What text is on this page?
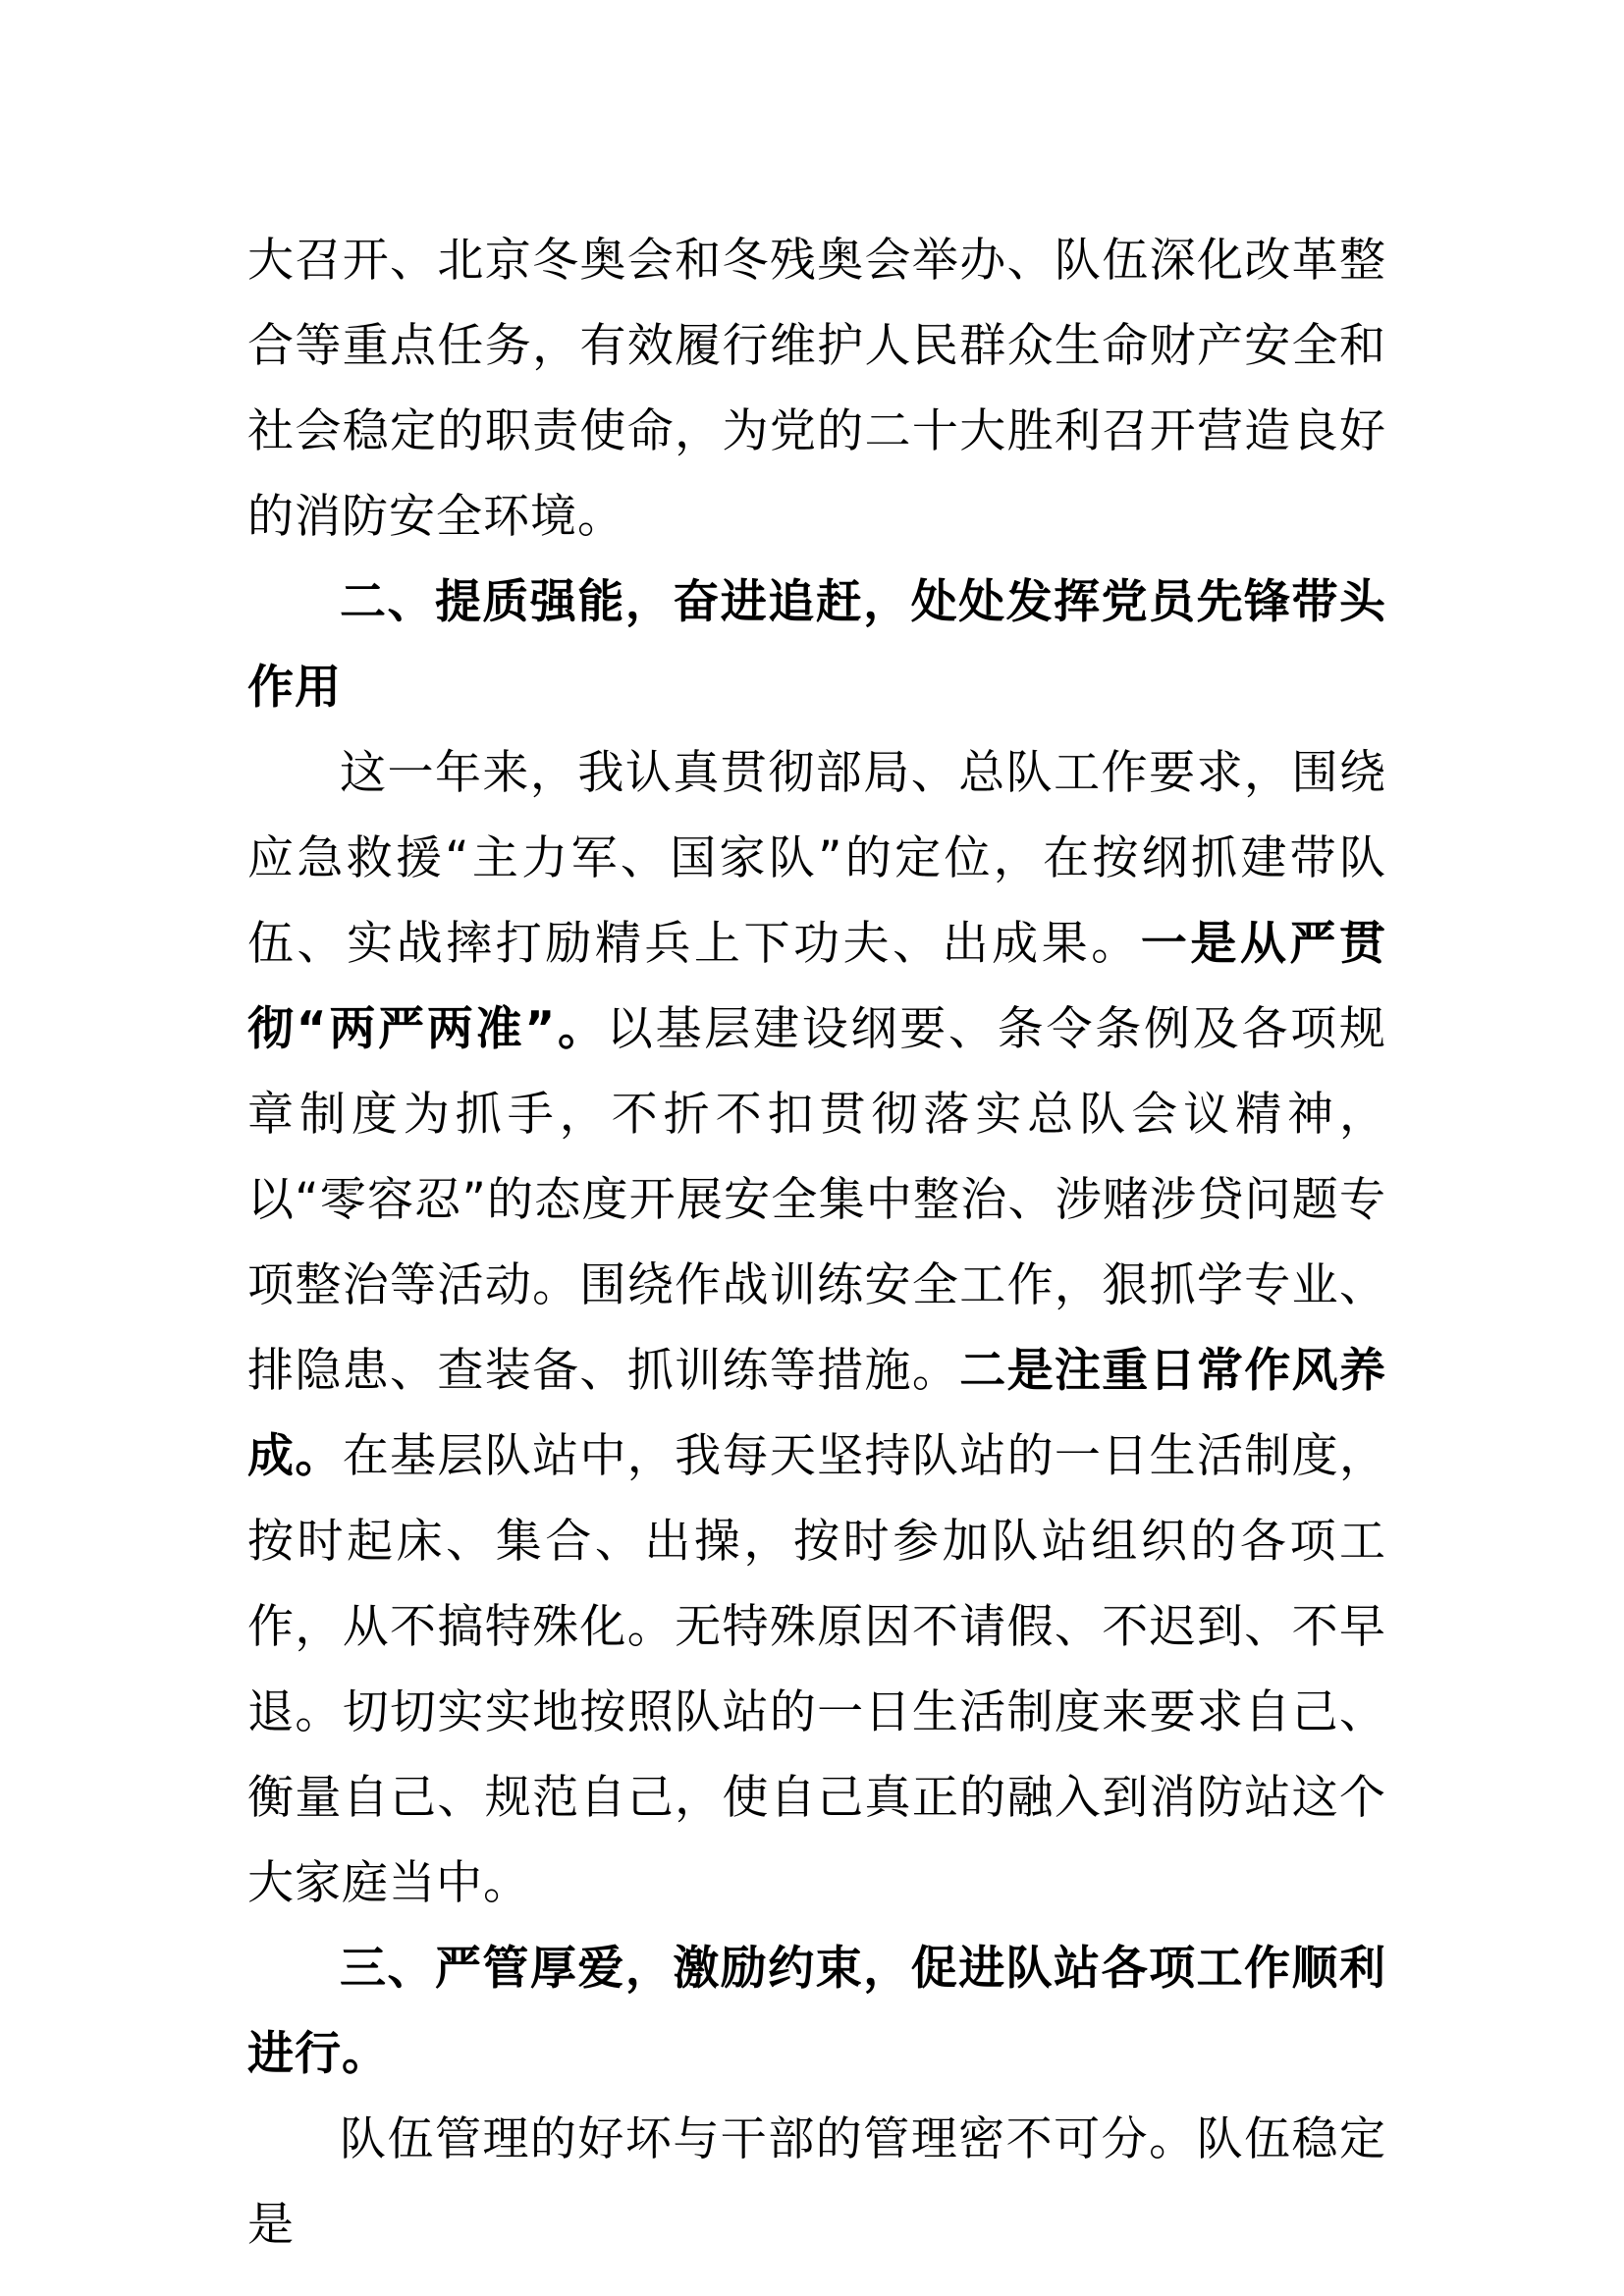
大召开、北京冬奥会和冬残奥会举办、队伍深化改革整合等重点任务，有效履行维护人民群众生命财产安全和社会稳定的职责使命，为党的二十大胜利召开营造良好的消防安全环境。

二、提质强能，奋进追赶，处处发挥党员先锋带头作用

这一年来，我认真贯彻部局、总队工作要求，围绕应急救援“主力军、国家队”的定位，在按纲抓建带队伍、实战摔打励精兵上下功夫、出成果。一是从严贯彻“两严两准”。以基层建设纲要、条令条例及各项规章制度为抓手，不折不扣贯彻落实总队会议精神，以“零容忍”的态度开展安全集中整治、涉赌涉贷问题专项整治等活动。围绕作战训练安全工作，狠抓学专业、排隐患、查装备、抓训练等措施。二是注重日常作风养成。在基层队站中，我每天坚持队站的一日生活制度，按时起床、集合、出操，按时参加队站组织的各项工作，从不搞特殊化。无特殊原因不请假、不迟到、不早退。切切实实地按照队站的一日生活制度来要求自己、衡量自己、规范自己，使自己真正的融入到消防站这个大家庭当中。

三、严管厚爱，激励约束，促进队站各项工作顺利进行。

队伍管理的好坏与干部的管理密不可分。队伍稳定是
